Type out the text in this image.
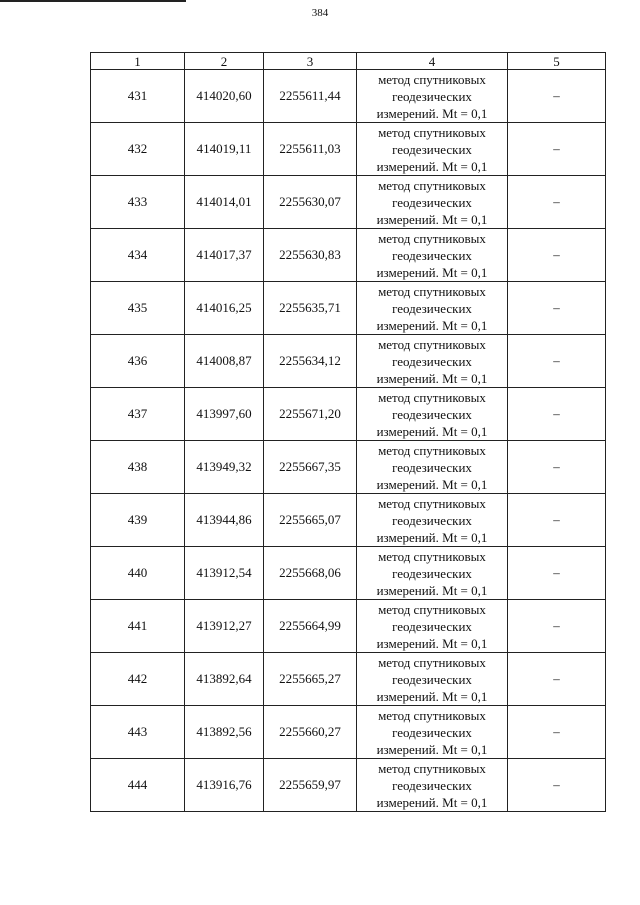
384
1	2	3	4	5
431	414020,60	2255611,44	метод спутниковых
геодезических
измерений. Mt = 0,1	–
432	414019,11	2255611,03	метод спутниковых
геодезических
измерений. Mt = 0,1	–
433	414014,01	2255630,07	метод спутниковых
геодезических
измерений. Mt = 0,1	–
434	414017,37	2255630,83	метод спутниковых
геодезических
измерений. Mt = 0,1	–
435	414016,25	2255635,71	метод спутниковых
геодезических
измерений. Mt = 0,1	–
436	414008,87	2255634,12	метод спутниковых
геодезических
измерений. Mt = 0,1	–
437	413997,60	2255671,20	метод спутниковых
геодезических
измерений. Mt = 0,1	–
438	413949,32	2255667,35	метод спутниковых
геодезических
измерений. Mt = 0,1	–
439	413944,86	2255665,07	метод спутниковых
геодезических
измерений. Mt = 0,1	–
440	413912,54	2255668,06	метод спутниковых
геодезических
измерений. Mt = 0,1	–
441	413912,27	2255664,99	метод спутниковых
геодезических
измерений. Mt = 0,1	–
442	413892,64	2255665,27	метод спутниковых
геодезических
измерений. Mt = 0,1	–
443	413892,56	2255660,27	метод спутниковых
геодезических
измерений. Mt = 0,1	–
444	413916,76	2255659,97	метод спутниковых
геодезических
измерений. Mt = 0,1	–
